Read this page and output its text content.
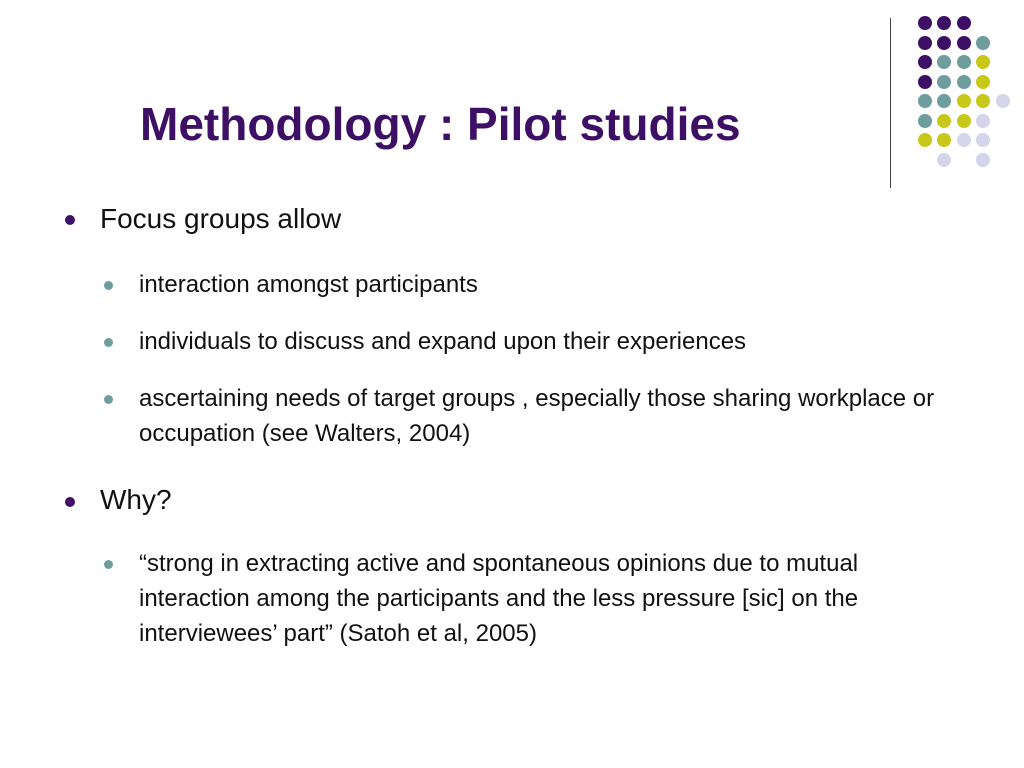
Methodology : Pilot studies
Focus groups allow
interaction amongst participants
individuals to discuss and expand upon their experiences
ascertaining needs of target groups , especially those sharing workplace or occupation (see Walters, 2004)
Why?
“strong in extracting active and spontaneous opinions due to mutual interaction among the participants and the less pressure [sic] on the interviewees’ part” (Satoh et al, 2005)
